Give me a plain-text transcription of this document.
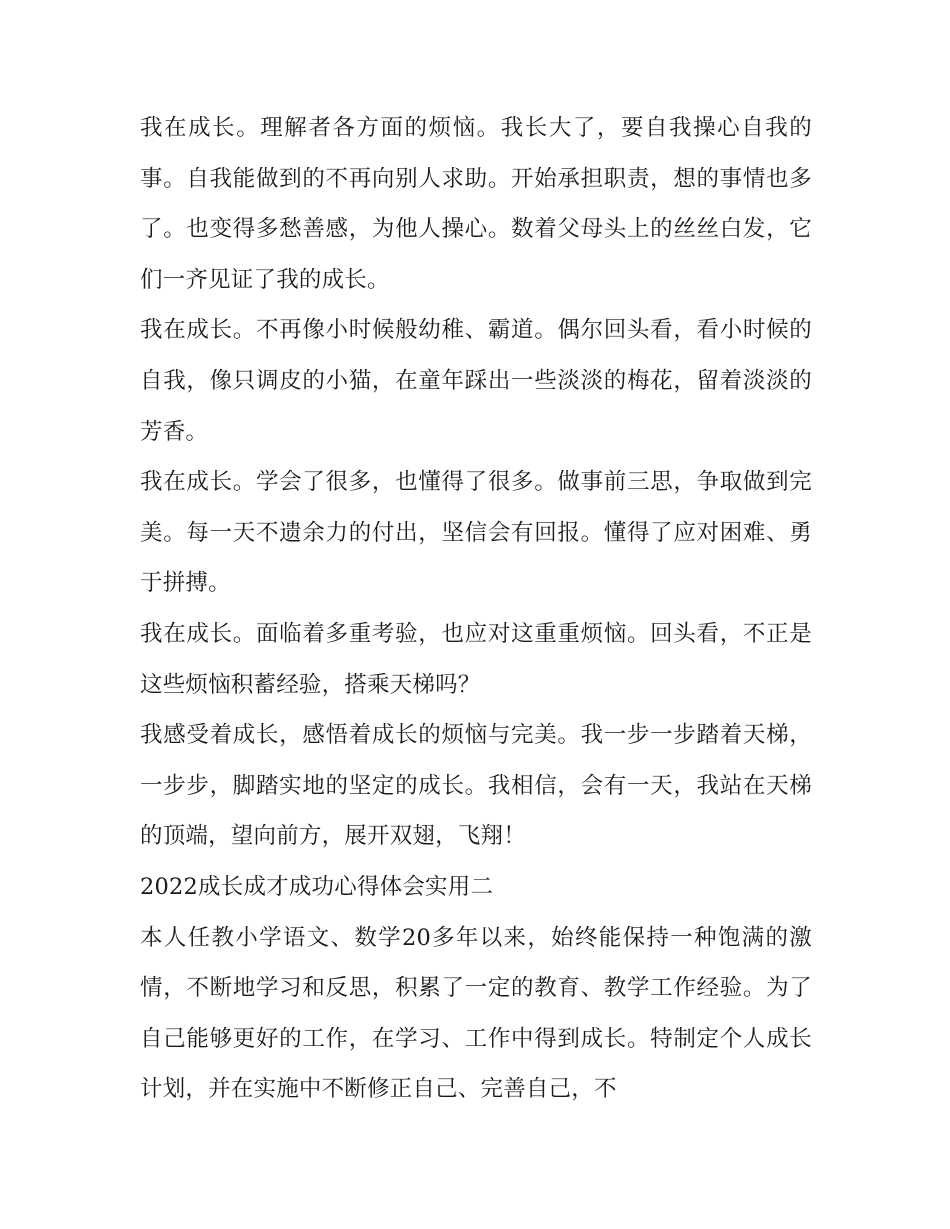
我在成长。理解者各方面的烦恼。我长大了，要自我操心自我的事。自我能做到的不再向别人求助。开始承担职责，想的事情也多了。也变得多愁善感，为他人操心。数着父母头上的丝丝白发，它们一齐见证了我的成长。

我在成长。不再像小时候般幼稚、霸道。偶尔回头看，看小时候的自我，像只调皮的小猫，在童年踩出一些淡淡的梅花，留着淡淡的芳香。

我在成长。学会了很多，也懂得了很多。做事前三思，争取做到完美。每一天不遗余力的付出，坚信会有回报。懂得了应对困难、勇于拼搏。

我在成长。面临着多重考验，也应对这重重烦恼。回头看，不正是这些烦恼积蓄经验，搭乘天梯吗？

我感受着成长，感悟着成长的烦恼与完美。我一步一步踏着天梯，一步步，脚踏实地的坚定的成长。我相信，会有一天，我站在天梯的顶端，望向前方，展开双翅，飞翔！

2022成长成才成功心得体会实用二

本人任教小学语文、数学20多年以来，始终能保持一种饱满的激情，不断地学习和反思，积累了一定的教育、教学工作经验。为了自己能够更好的工作，在学习、工作中得到成长。特制定个人成长计划，并在实施中不断修正自己、完善自己，不
